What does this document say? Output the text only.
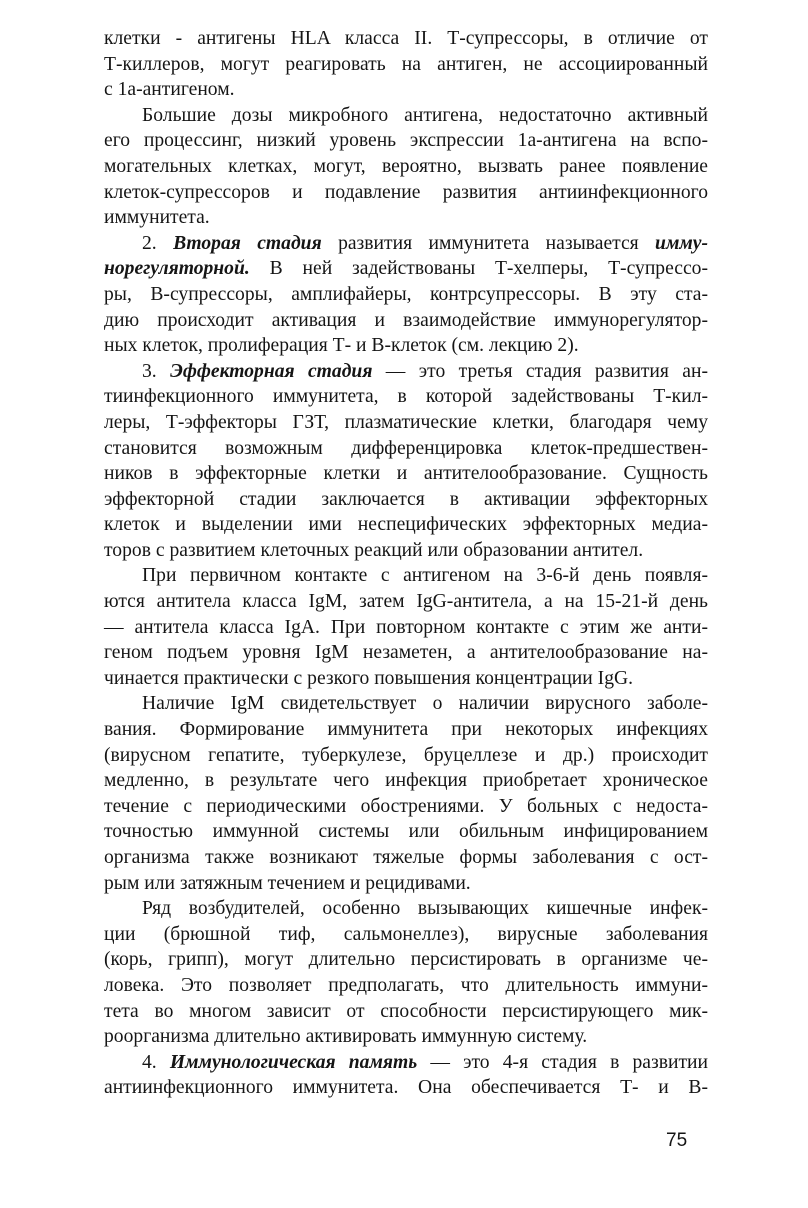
клетки - антигены HLA класса II. Т-супрессоры, в отличие от
Т-киллеров, могут реагировать на антиген, не ассоциированный
с 1а-антигеном.

Большие дозы микробного антигена, недостаточно активный
его процессинг, низкий уровень экспрессии 1а-антигена на вспо-
могательных клетках, могут, вероятно, вызвать ранее появление
клеток-супрессоров и подавление развития антиинфекционного
иммунитета.

2. Вторая стадия развития иммунитета называется имму-
норегуляторной. В ней задействованы Т-хелперы, Т-супрессо-
ры, В-супрессоры, амплифайеры, контрсупрессоры. В эту ста-
дию происходит активация и взаимодействие иммунорегулятор-
ных клеток, пролиферация Т- и В-клеток (см. лекцию 2).

3. Эффекторная стадия — это третья стадия развития ан-
тиинфекционного иммунитета, в которой задействованы Т-кил-
леры, Т-эффекторы ГЗТ, плазматические клетки, благодаря чему
становится возможным дифференцировка клеток-предшествен-
ников в эффекторные клетки и антителообразование. Сущность
эффекторной стадии заключается в активации эффекторных
клеток и выделении ими неспецифических эффекторных медиа-
торов с развитием клеточных реакций или образовании антител.

При первичном контакте с антигеном на 3-6-й день появля-
ются антитела класса IgM, затем IgG-антитела, а на 15-21-й день
— антитела класса IgA. При повторном контакте с этим же анти-
геном подъем уровня IgM незаметен, а антителообразование на-
чинается практически с резкого повышения концентрации IgG.

Наличие IgM свидетельствует о наличии вирусного заболе-
вания. Формирование иммунитета при некоторых инфекциях
(вирусном гепатите, туберкулезе, бруцеллезе и др.) происходит
медленно, в результате чего инфекция приобретает хроническое
течение с периодическими обострениями. У больных с недоста-
точностью иммунной системы или обильным инфицированием
организма также возникают тяжелые формы заболевания с ост-
рым или затяжным течением и рецидивами.

Ряд возбудителей, особенно вызывающих кишечные инфек-
ции (брюшной тиф, сальмонеллез), вирусные заболевания
(корь, грипп), могут длительно персистировать в организме че-
ловека. Это позволяет предполагать, что длительность иммуни-
тета во многом зависит от способности персистирующего мик-
роорганизма длительно активировать иммунную систему.

4. Иммунологическая память — это 4-я стадия в развитии
антиинфекционного иммунитета. Она обеспечивается Т- и В-

75
